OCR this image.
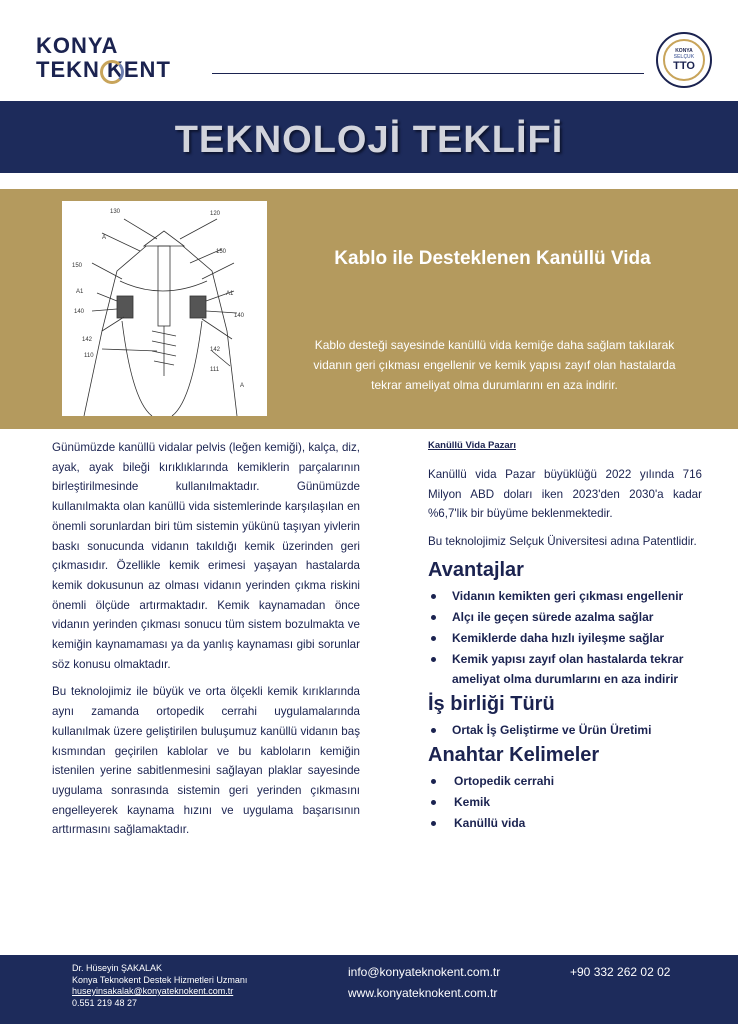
KONYA
TEKN KENT
KONYA
SELÇUK
TTO
TEKNOLOJİ TEKLİFİ
130	120
A
150
150
A1	A1
140
140
142
142
110
111
A
Kablo ile Desteklenen Kanüllü Vida
Kablo desteği sayesinde kanüllü vida kemiğe daha sağlam takılarak vidanın geri çıkması engellenir ve kemik yapısı zayıf olan hastalarda tekrar ameliyat olma durumlarını en aza indirir.

Günümüzde kanüllü vidalar pelvis (leğen kemiği), kalça, diz, ayak, ayak bileği kırıklıklarında kemiklerin parçalarının birleştirilmesinde kullanılmaktadır. Günümüzde kullanılmakta olan kanüllü vida sistemlerinde karşılaşılan en önemli sorunlardan biri tüm sistemin yükünü taşıyan yivlerin baskı sonucunda vidanın takıldığı kemik üzerinden geri çıkmasıdır. Özellikle kemik erimesi yaşayan hastalarda kemik dokusunun az olması vidanın yerinden çıkma riskini önemli ölçüde artırmaktadır. Kemik kaynamadan önce vidanın yerinden çıkması sonucu tüm sistem bozulmakta ve kemiğin kaynamaması ya da yanlış kaynaması gibi sorunlar söz konusu olmaktadır.

Bu teknolojimiz ile büyük ve orta ölçekli kemik kırıklarında aynı zamanda ortopedik cerrahi uygulamalarında kullanılmak üzere geliştirilen buluşumuz kanüllü vidanın baş kısmından geçirilen kablolar ve bu kabloların kemiğin istenilen yerine sabitlenmesini sağlayan plaklar sayesinde uygulama sonrasında sistemin geri yerinden çıkmasını engelleyerek kaynama hızını ve uygulama başarısının arttırmasını sağlamaktadır.

Kanüllü Vida Pazarı
Kanüllü vida Pazar büyüklüğü 2022 yılında 716 Milyon ABD doları iken 2023'den 2030'a kadar %6,7'lik bir büyüme beklenmektedir.
Bu teknolojimiz Selçuk Üniversitesi adına Patentlidir.
Avantajlar
Vidanın kemikten geri çıkması engellenir
Alçı ile geçen sürede azalma sağlar
Kemiklerde daha hızlı iyileşme sağlar
Kemik yapısı zayıf olan hastalarda tekrar ameliyat olma durumlarını en aza indirir
İş birliği Türü
Ortak İş Geliştirme ve Ürün Üretimi
Anahtar Kelimeler
Ortopedik cerrahi
Kemik
Kanüllü vida
Dr. Hüseyin ŞAKALAK
Konya Teknokent Destek Hizmetleri Uzmanı
huseyinsakalak@konyateknokent.com.tr
0.551 219 48 27
info@konyateknokent.com.tr
www.konyateknokent.com.tr
+90 332 262 02 02
